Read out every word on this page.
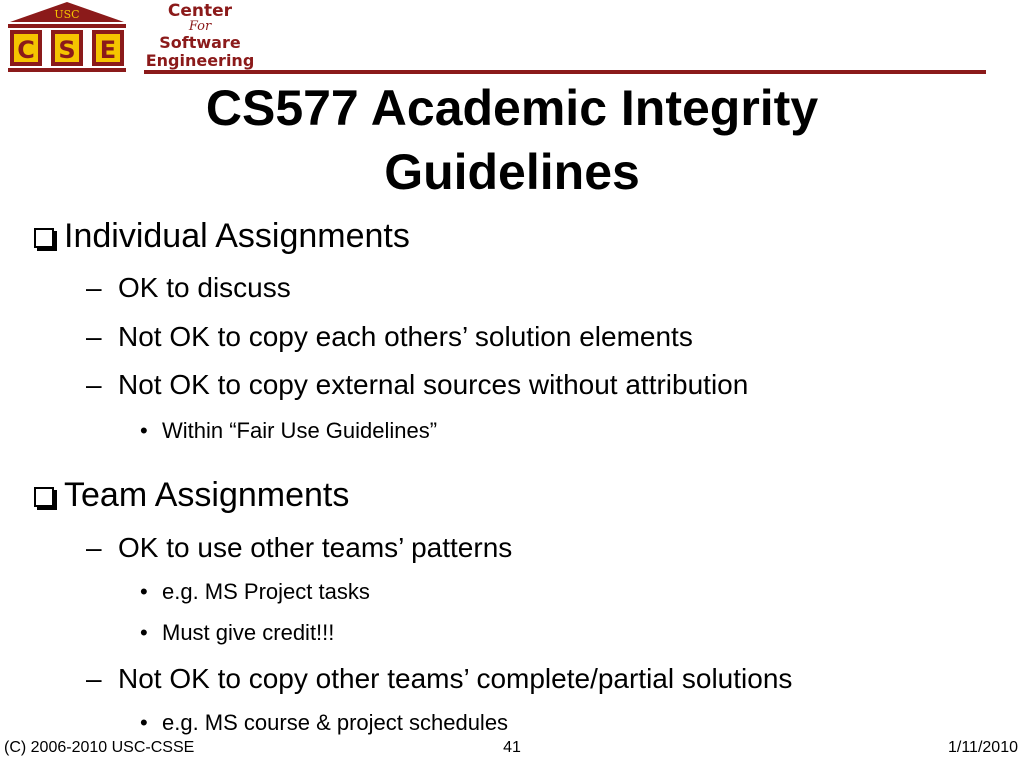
USC
C S E
Center
For
Software
Engineering
CS577 Academic Integrity
Guidelines
Individual Assignments
– OK to discuss
– Not OK to copy each others’ solution elements
– Not OK to copy external sources without attribution
• Within “Fair Use Guidelines”
Team Assignments
– OK to use other teams’ patterns
• e.g. MS Project tasks
• Must give credit!!!
– Not OK to copy other teams’ complete/partial solutions
• e.g. MS course & project schedules
(C) 2006-2010 USC-CSSE	41	1/11/2010
